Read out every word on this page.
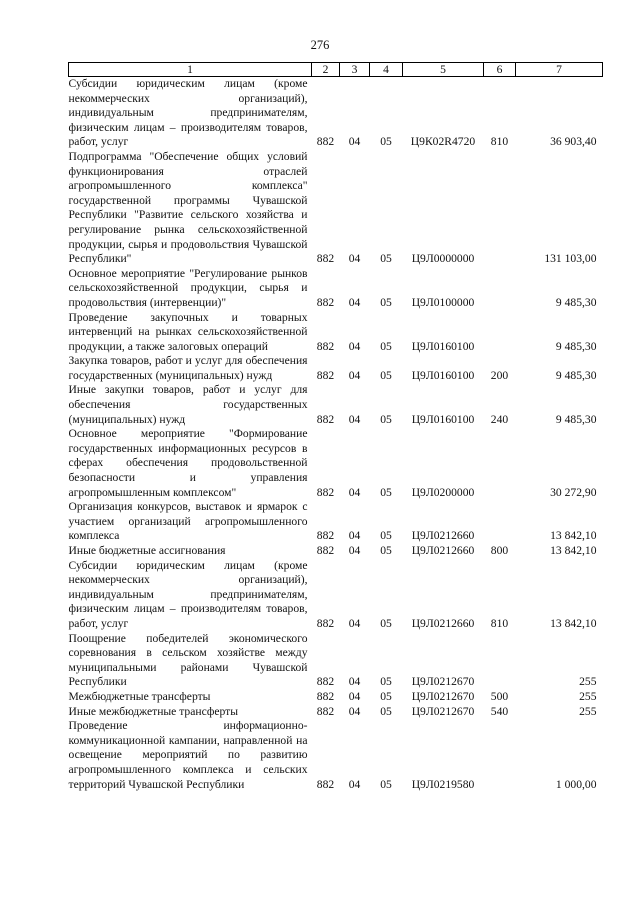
276
1	2	3	4	5	6	7
Субсидии юридическим лицам (кроме некоммерческих организаций), индивидуальным предпринимателям, физическим лицам – производителям товаров, работ, услуг	882	04	05	Ц9К02R4720	810	36 903,40
Подпрограмма "Обеспечение общих условий функционирования отраслей агропромышленного комплекса" государственной программы Чувашской Республики "Развитие сельского хозяйства и регулирование рынка сельскохозяйственной продукции, сырья и продовольствия Чувашской Республики"	882	04	05	Ц9Л0000000		131 103,00
Основное мероприятие "Регулирование рынков сельскохозяйственной продукции, сырья и продовольствия (интервенции)"	882	04	05	Ц9Л0100000		9 485,30
Проведение закупочных и товарных интервенций на рынках сельскохозяйственной продукции, а также залоговых операций	882	04	05	Ц9Л0160100		9 485,30
Закупка товаров, работ и услуг для обеспечения государственных (муниципальных) нужд	882	04	05	Ц9Л0160100	200	9 485,30
Иные закупки товаров, работ и услуг для обеспечения государственных (муниципальных) нужд	882	04	05	Ц9Л0160100	240	9 485,30
Основное мероприятие "Формирование государственных информационных ресурсов в сферах обеспечения продовольственной безопасности и управления агропромышленным комплексом"	882	04	05	Ц9Л0200000		30 272,90
Организация конкурсов, выставок и ярмарок с участием организаций агропромышленного комплекса	882	04	05	Ц9Л0212660		13 842,10
Иные бюджетные ассигнования	882	04	05	Ц9Л0212660	800	13 842,10
Субсидии юридическим лицам (кроме некоммерческих организаций), индивидуальным предпринимателям, физическим лицам – производителям товаров, работ, услуг	882	04	05	Ц9Л0212660	810	13 842,10
Поощрение победителей экономического соревнования в сельском хозяйстве между муниципальными районами Чувашской Республики	882	04	05	Ц9Л0212670		255
Межбюджетные трансферты	882	04	05	Ц9Л0212670	500	255
Иные межбюджетные трансферты	882	04	05	Ц9Л0212670	540	255
Проведение информационно-коммуникационной кампании, направленной на освещение мероприятий по развитию агропромышленного комплекса и сельских территорий Чувашской Республики	882	04	05	Ц9Л0219580		1 000,00
